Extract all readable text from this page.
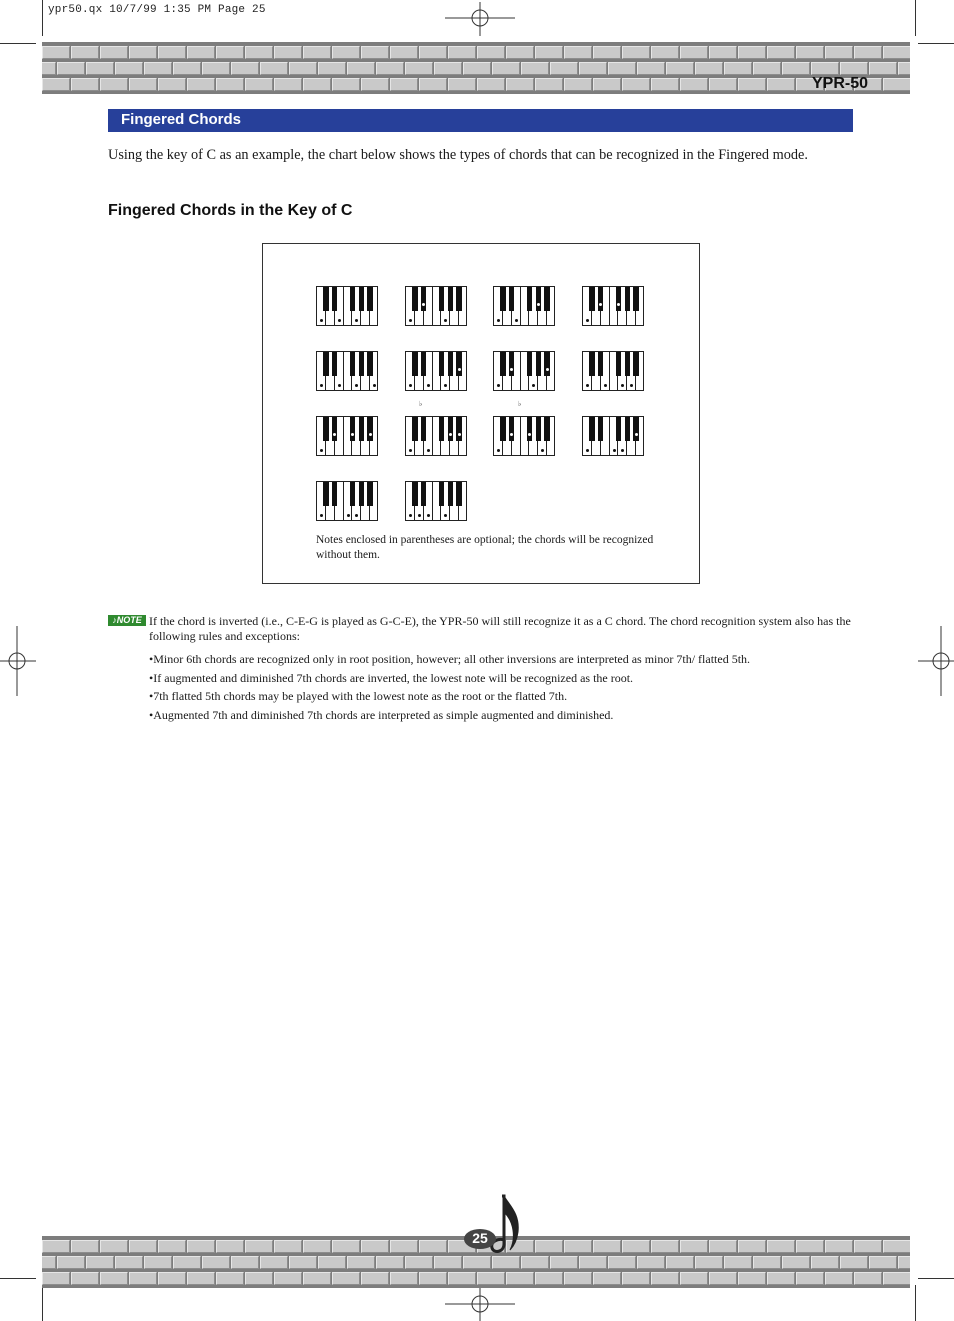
ypr50.qx 10/7/99 1:35 PM Page 25
YPR-50
Fingered Chords
Using the key of C as an example, the chart below shows the types of chords that can be recognized in the Fingered mode.
Fingered Chords in the Key of C
♭	♭
Notes enclosed in parentheses are optional; the chords will be recognized without them.
♪NOTE If the chord is inverted (i.e., C-E-G is played as G-C-E), the YPR-50 will still recognize it as a C chord. The chord recognition system also has the following rules and exceptions:
•Minor 6th chords are recognized only in root position, however; all other inversions are interpreted as minor 7th/ flatted 5th.
•If augmented and diminished 7th chords are inverted, the lowest note will be recognized as the root.
•7th flatted 5th chords may be played with the lowest note as the root or the flatted 7th.
•Augmented 7th and diminished 7th chords are interpreted as simple augmented and diminished.
25
